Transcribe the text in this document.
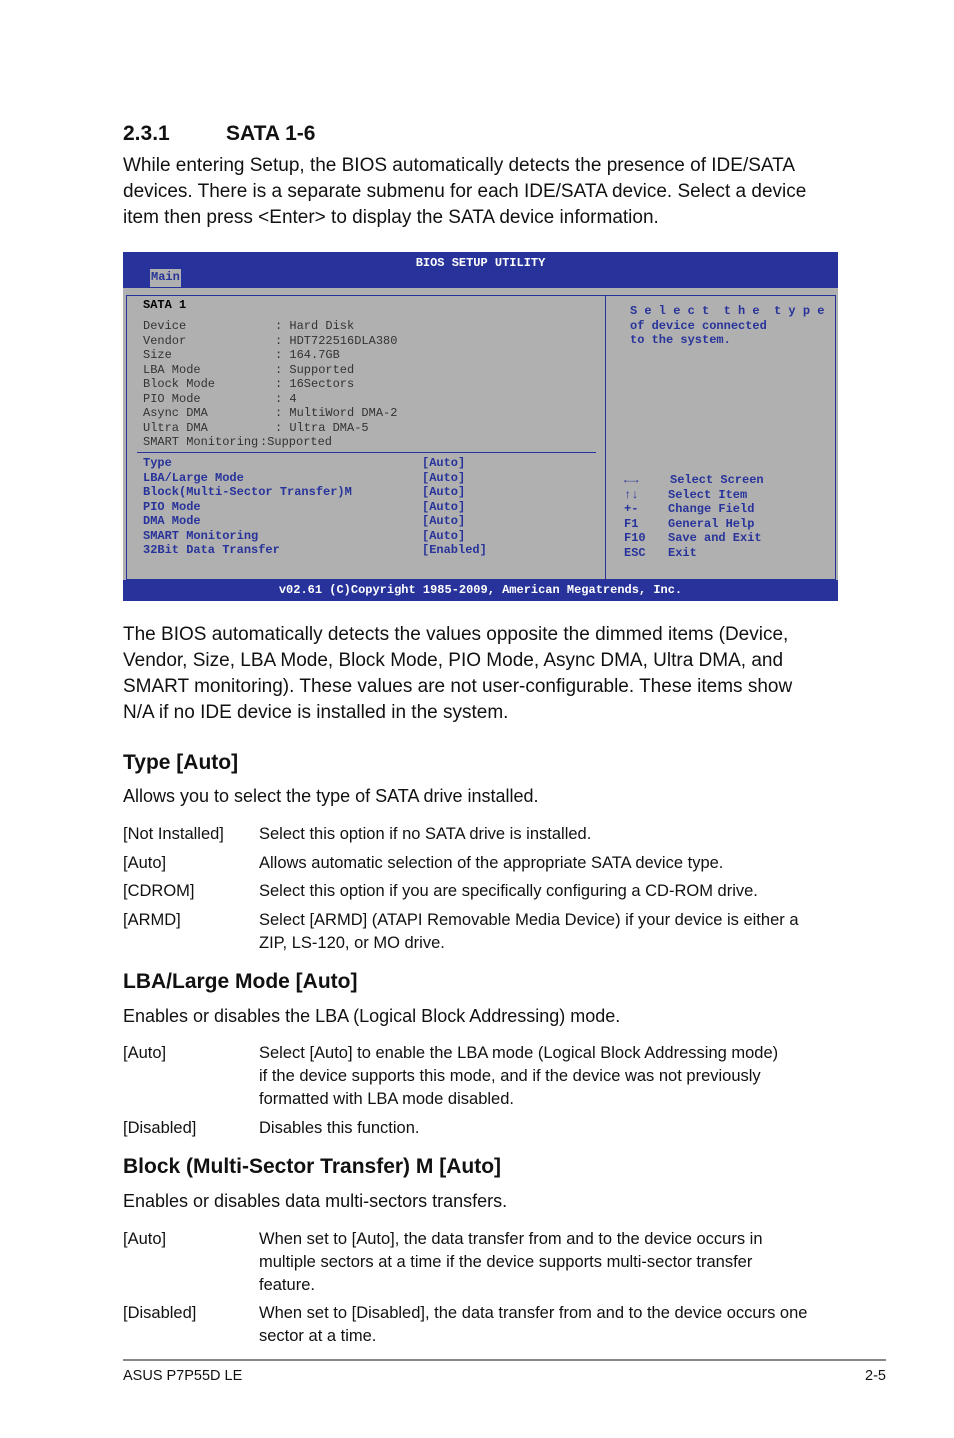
2.3.1	SATA 1-6
While entering Setup, the BIOS automatically detects the presence of IDE/SATA
devices. There is a separate submenu for each IDE/SATA device. Select a device
item then press <Enter> to display the SATA device information.
BIOS SETUP UTILITY
Main
SATA 1
Device	: Hard Disk
Vendor	: HDT722516DLA380
Size	: 164.7GB
LBA Mode	: Supported
Block Mode	: 16Sectors
PIO Mode	: 4
Async DMA	: MultiWord DMA-2
Ultra DMA	: Ultra DMA-5
SMART Monitoring :Supported
Type	[Auto]
LBA/Large Mode	[Auto]
Block(Multi-Sector Transfer)M	[Auto]
PIO Mode	[Auto]
DMA Mode	[Auto]
SMART Monitoring	[Auto]
32Bit Data Transfer	[Enabled]
S e l e c t  t h e  t y p e
of device connected
to the system.
←→	Select Screen
↑↓ Select Item
+- Change Field
F1 General Help
F10 Save and Exit
ESC Exit
v02.61 (C)Copyright 1985-2009, American Megatrends, Inc.
The BIOS automatically detects the values opposite the dimmed items (Device,
Vendor, Size, LBA Mode, Block Mode, PIO Mode, Async DMA, Ultra DMA, and
SMART monitoring). These values are not user-configurable. These items show
N/A if no IDE device is installed in the system.
Type [Auto]
Allows you to select the type of SATA drive installed.
[Not Installed] Select this option if no SATA drive is installed.
[Auto]	Allows automatic selection of the appropriate SATA device type.
[CDROM]	Select this option if you are specifically configuring a CD-ROM drive.
[ARMD]	Select [ARMD] (ATAPI Removable Media Device) if your device is either a
ZIP, LS-120, or MO drive.
LBA/Large Mode [Auto]
Enables or disables the LBA (Logical Block Addressing) mode.
[Auto]	Select [Auto] to enable the LBA mode (Logical Block Addressing mode)
if the device supports this mode, and if the device was not previously
formatted with LBA mode disabled.
[Disabled]	Disables this function.
Block (Multi-Sector Transfer) M [Auto]
Enables or disables data multi-sectors transfers.
[Auto]	When set to [Auto], the data transfer from and to the device occurs in
multiple sectors at a time if the device supports multi-sector transfer
feature.
[Disabled]	When set to [Disabled], the data transfer from and to the device occurs one
sector at a time.
ASUS P7P55D LE	2-5
